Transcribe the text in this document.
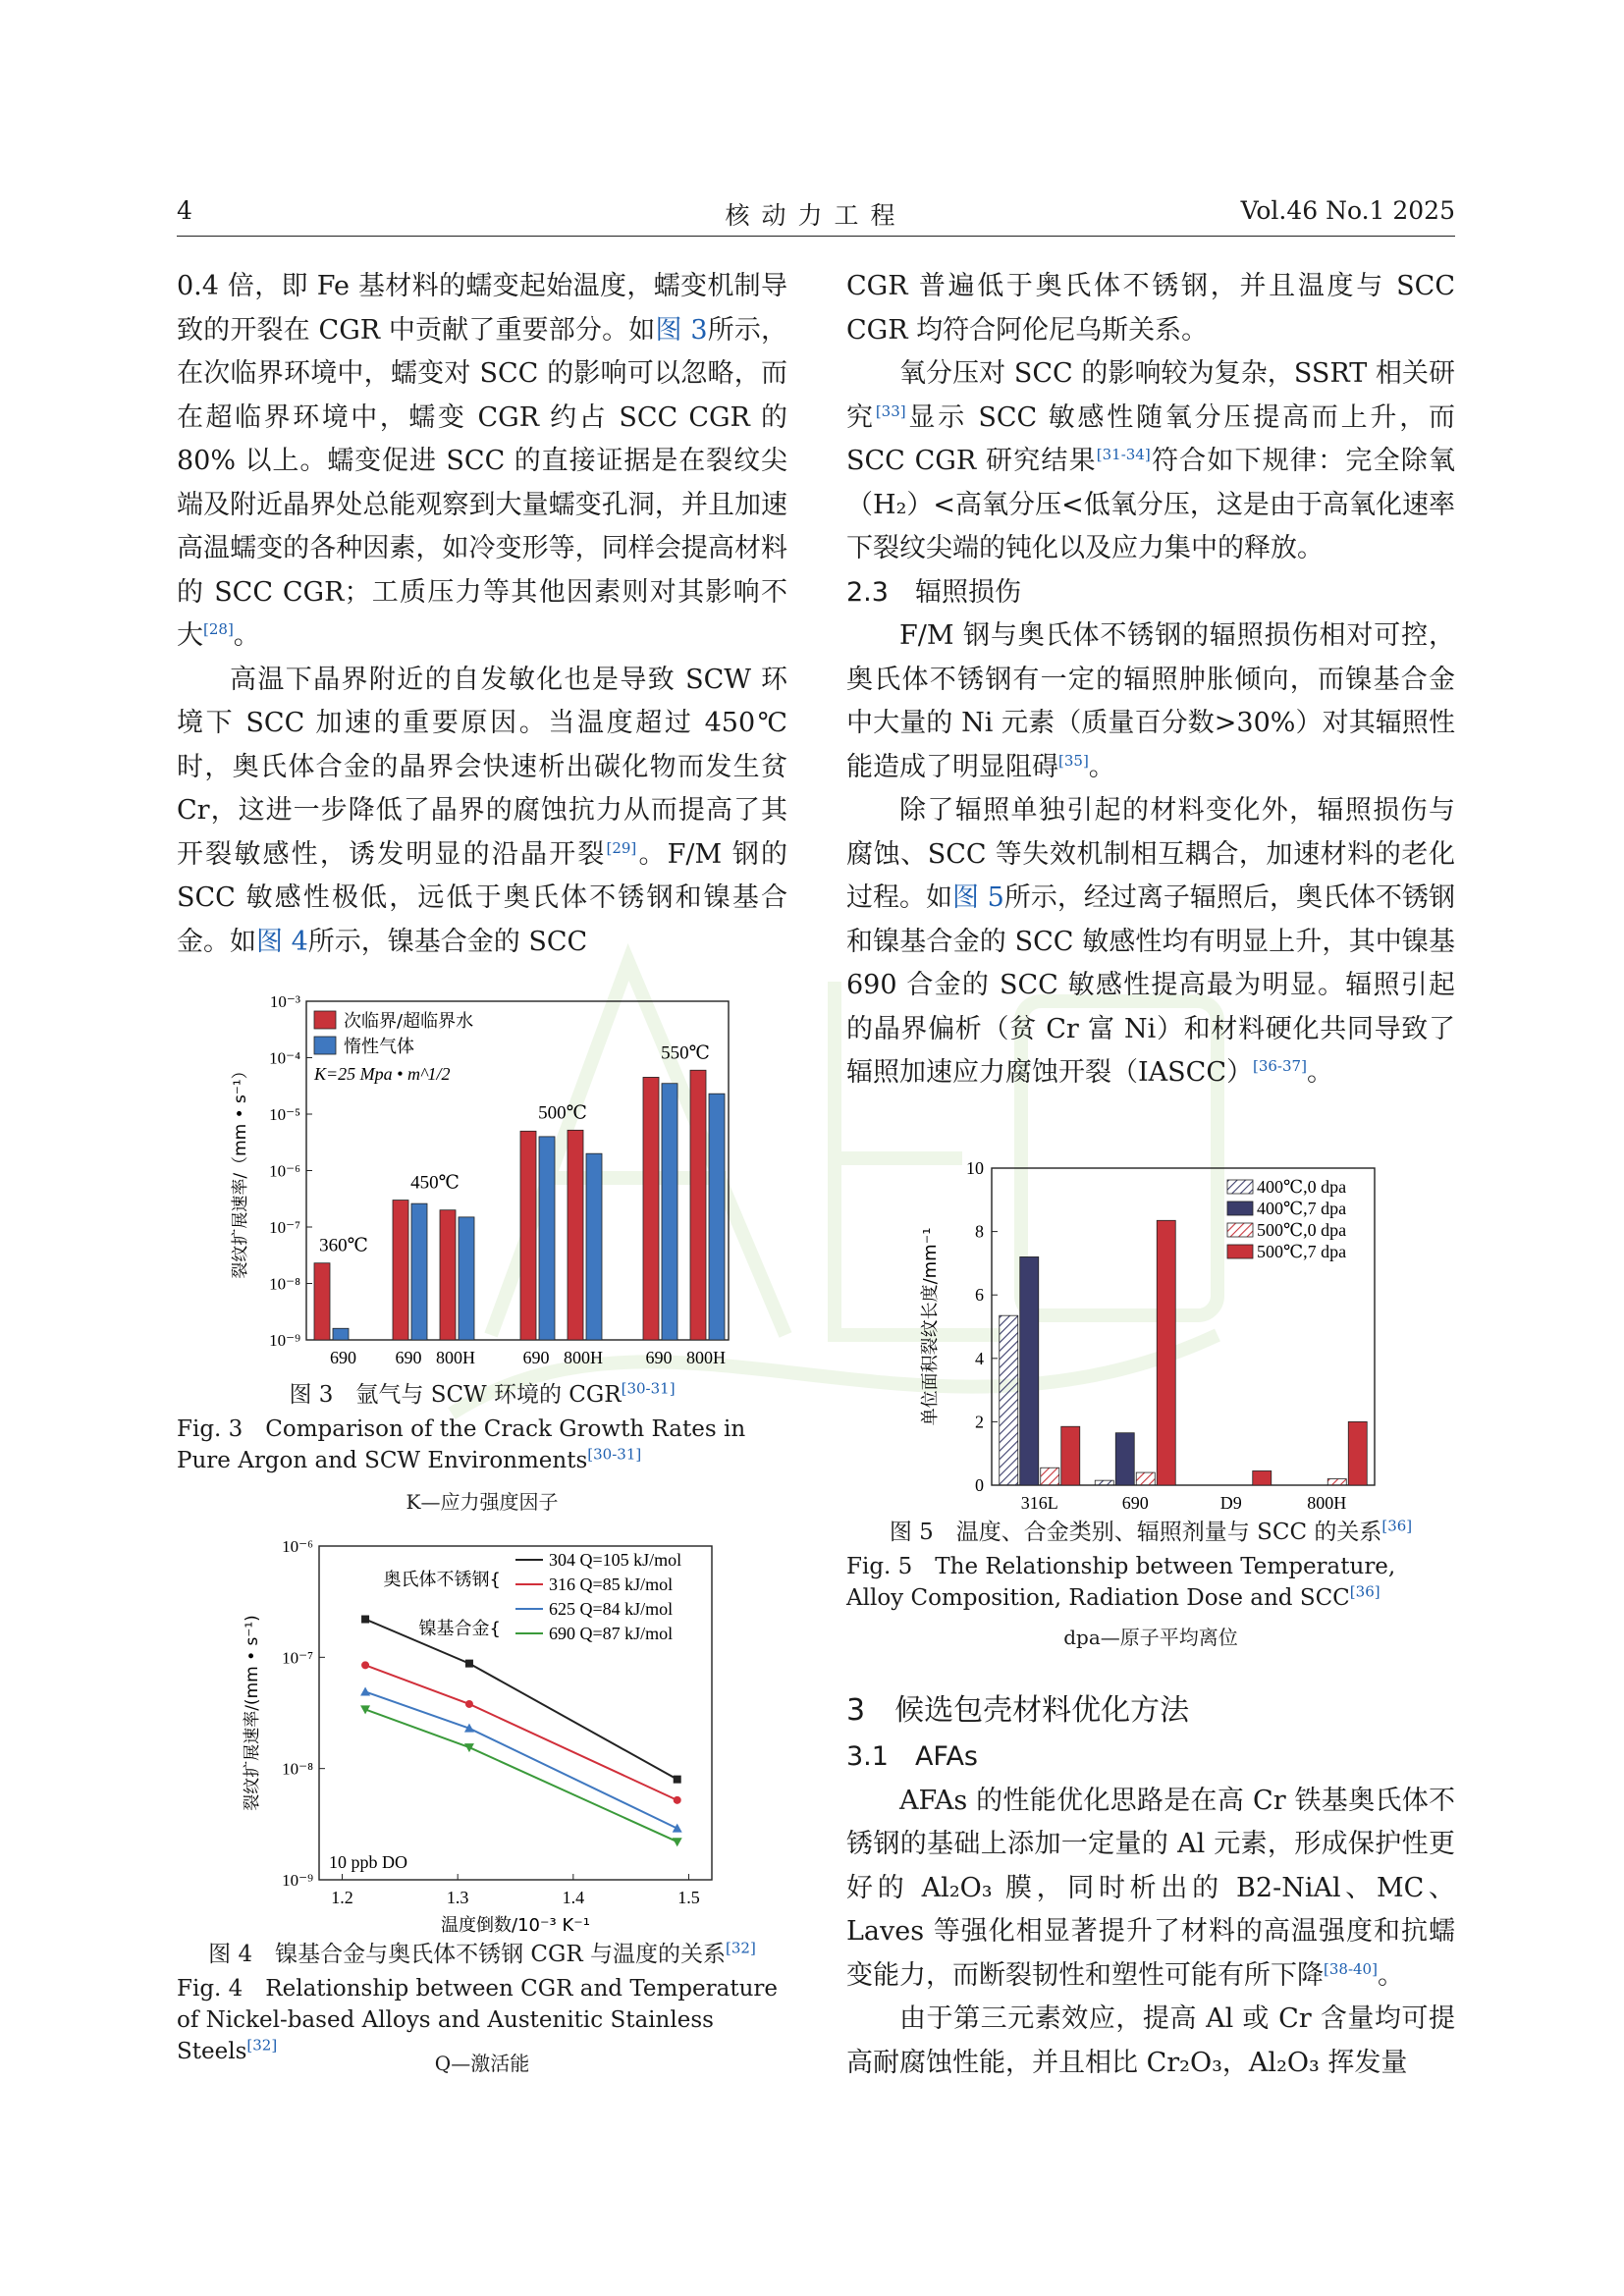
4	核动力工程	Vol.46 No.1 2025

0.4 倍，即 Fe 基材料的蠕变起始温度，蠕变机制导致的开裂在 CGR 中贡献了重要部分。如图 3所示，在次临界环境中，蠕变对 SCC 的影响可以忽略，而在超临界环境中，蠕变 CGR 约占 SCC CGR 的 80% 以上。蠕变促进 SCC 的直接证据是在裂纹尖端及附近晶界处总能观察到大量蠕变孔洞，并且加速高温蠕变的各种因素，如冷变形等，同样会提高材料的 SCC CGR；工质压力等其他因素则对其影响不大[28]。

高温下晶界附近的自发敏化也是导致 SCW 环境下 SCC 加速的重要原因。当温度超过 450℃时，奥氏体合金的晶界会快速析出碳化物而发生贫 Cr，这进一步降低了晶界的腐蚀抗力从而提高了其开裂敏感性，诱发明显的沿晶开裂[29]。F/M 钢的 SCC 敏感性极低，远低于奥氏体不锈钢和镍基合金。如图 4所示，镍基合金的 SCC

CGR 普遍低于奥氏体不锈钢，并且温度与 SCC CGR 均符合阿伦尼乌斯关系。

氧分压对 SCC 的影响较为复杂，SSRT 相关研究[33]显示 SCC 敏感性随氧分压提高而上升，而 SCC CGR 研究结果[31-34]符合如下规律：完全除氧（H₂）<高氧分压<低氧分压，这是由于高氧化速率下裂纹尖端的钝化以及应力集中的释放。

2.3　辐照损伤

F/M 钢与奥氏体不锈钢的辐照损伤相对可控，奥氏体不锈钢有一定的辐照肿胀倾向，而镍基合金中大量的 Ni 元素（质量百分数>30%）对其辐照性能造成了明显阻碍[35]。

除了辐照单独引起的材料变化外，辐照损伤与腐蚀、SCC 等失效机制相互耦合，加速材料的老化过程。如图 5所示，经过离子辐照后，奥氏体不锈钢和镍基合金的 SCC 敏感性均有明显上升，其中镍基 690 合金的 SCC 敏感性提高最为明显。辐照引起的晶界偏析（贫 Cr 富 Ni）和材料硬化共同导致了辐照加速应力腐蚀开裂（IASCC）[36-37]。

3　候选包壳材料优化方法

3.1　AFAs

AFAs 的性能优化思路是在高 Cr 铁基奥氏体不锈钢的基础上添加一定量的 Al 元素，形成保护性更好的 Al₂O₃ 膜，同时析出的 B2-NiAl、MC、Laves 等强化相显著提升了材料的高温强度和抗蠕变能力，而断裂韧性和塑性可能有所下降[38-40]。

由于第三元素效应，提高 Al 或 Cr 含量均可提高耐腐蚀性能，并且相比 Cr₂O₃，Al₂O₃ 挥发量

10⁻³
10⁻⁴
10⁻⁵
10⁻⁶
10⁻⁷
10⁻⁸
10⁻⁹
裂纹扩展速率/（mm • s⁻¹）
690
360℃
690 800H
450℃
690 800H
500℃
690 800H
550℃
次临界/超临界水
惰性气体
K=25 Mpa • m^1/2
图 3　氩气与 SCW 环境的 CGR[30-31]
Fig. 3　Comparison of the Crack Growth Rates in Pure Argon and SCW Environments[30-31]
K—应力强度因子
10⁻⁶
10⁻⁷
10⁻⁸
10⁻⁹
1.2	1.3	1.4	1.5
温度倒数/10⁻³ K⁻¹
裂纹扩展速率/(mm • s⁻¹)
304 Q=105 kJ/mol
316 Q=85 kJ/mol
625 Q=84 kJ/mol
690 Q=87 kJ/mol
奥氏体不锈钢{
镍基合金{
10 ppb DO
图 4　镍基合金与奥氏体不锈钢 CGR 与温度的关系[32]
Fig. 4　Relationship between CGR and Temperature of Nickel-based Alloys and Austenitic Stainless Steels[32]
Q—激活能
0
2
4
6
8
10
单位面积裂纹长度/mm⁻¹
316L	690	D9	800H
400℃,0 dpa
400℃,7 dpa
500℃,0 dpa
500℃,7 dpa
图 5　温度、合金类别、辐照剂量与 SCC 的关系[36]
Fig. 5　The Relationship between Temperature, Alloy Composition, Radiation Dose and SCC[36]
dpa—原子平均离位
